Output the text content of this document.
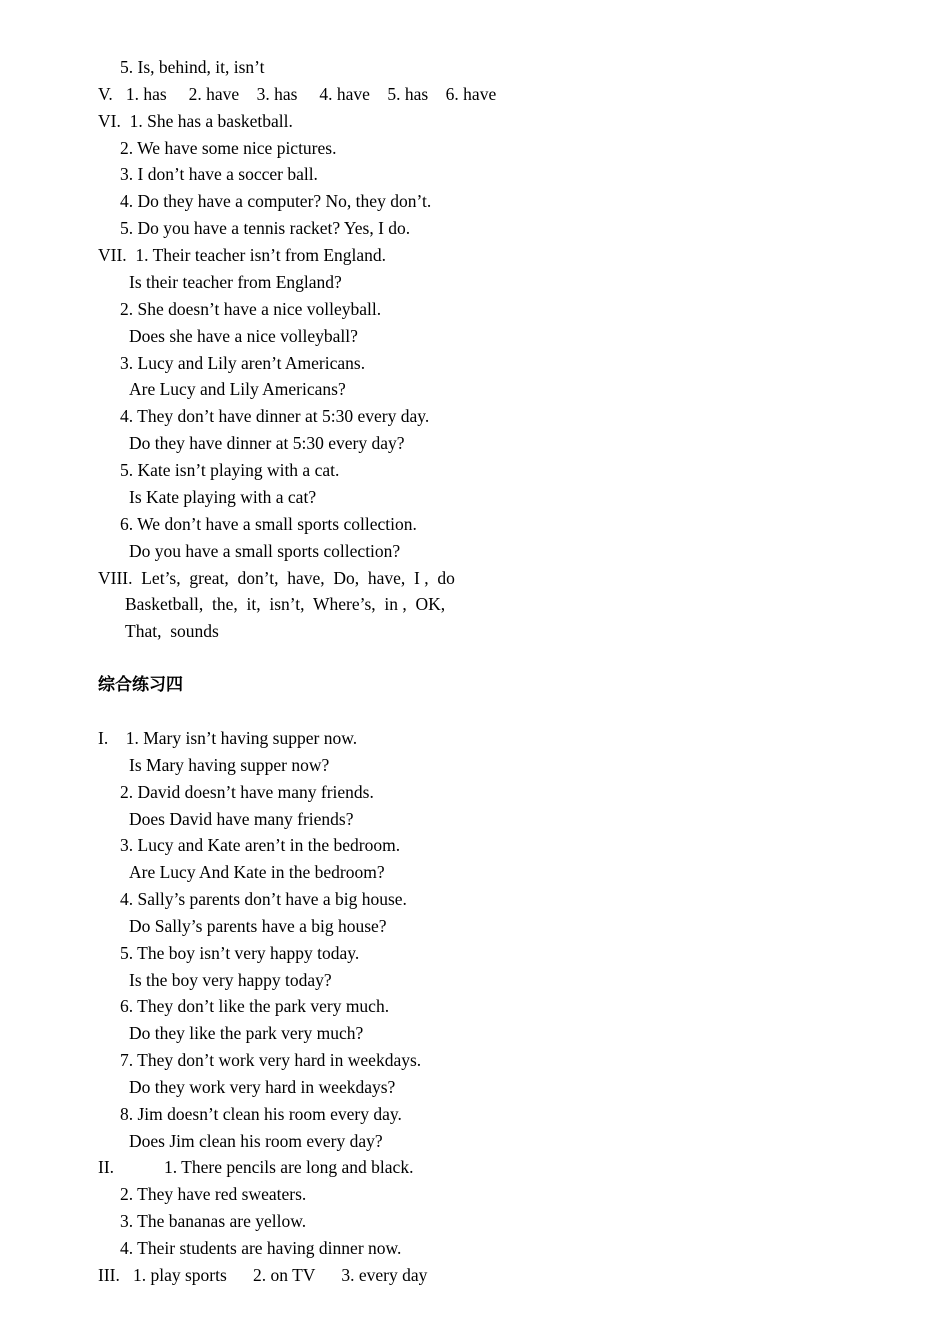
5. Is, behind, it, isn’t
V.   1. has     2. have    3. has     4. have    5. has    6. have
VI.  1. She has a basketball.
2. We have some nice pictures.
3. I don’t have a soccer ball.
4. Do they have a computer? No, they don’t.
5. Do you have a tennis racket? Yes, I do.
VII.  1. Their teacher isn’t from England.
Is their teacher from England?
2. She doesn’t have a nice volleyball.
Does she have a nice volleyball?
3. Lucy and Lily aren’t Americans.
Are Lucy and Lily Americans?
4. They don’t have dinner at 5:30 every day.
Do they have dinner at 5:30 every day?
5. Kate isn’t playing with a cat.
Is Kate playing with a cat?
6. We don’t have a small sports collection.
Do you have a small sports collection?
VIII.  Let’s,  great,  don’t,  have,  Do,  have,  I ,  do
Basketball,  the,  it,  isn’t,  Where’s,  in ,  OK,
That,  sounds
综合练习四
I.    1. Mary isn’t having supper now.
Is Mary having supper now?
2. David doesn’t have many friends.
Does David have many friends?
3. Lucy and Kate aren’t in the bedroom.
Are Lucy And Kate in the bedroom?
4. Sally’s parents don’t have a big house.
Do Sally’s parents have a big house?
5. The boy isn’t very happy today.
Is the boy very happy today?
6. They don’t like the park very much.
Do they like the park very much?
7. They don’t work very hard in weekdays.
Do they work very hard in weekdays?
8. Jim doesn’t clean his room every day.
Does Jim clean his room every day?
II.	1. There pencils are long and black.
2. They have red sweaters.
3. The bananas are yellow.
4. Their students are having dinner now.
III.   1. play sports      2. on TV      3. every day
